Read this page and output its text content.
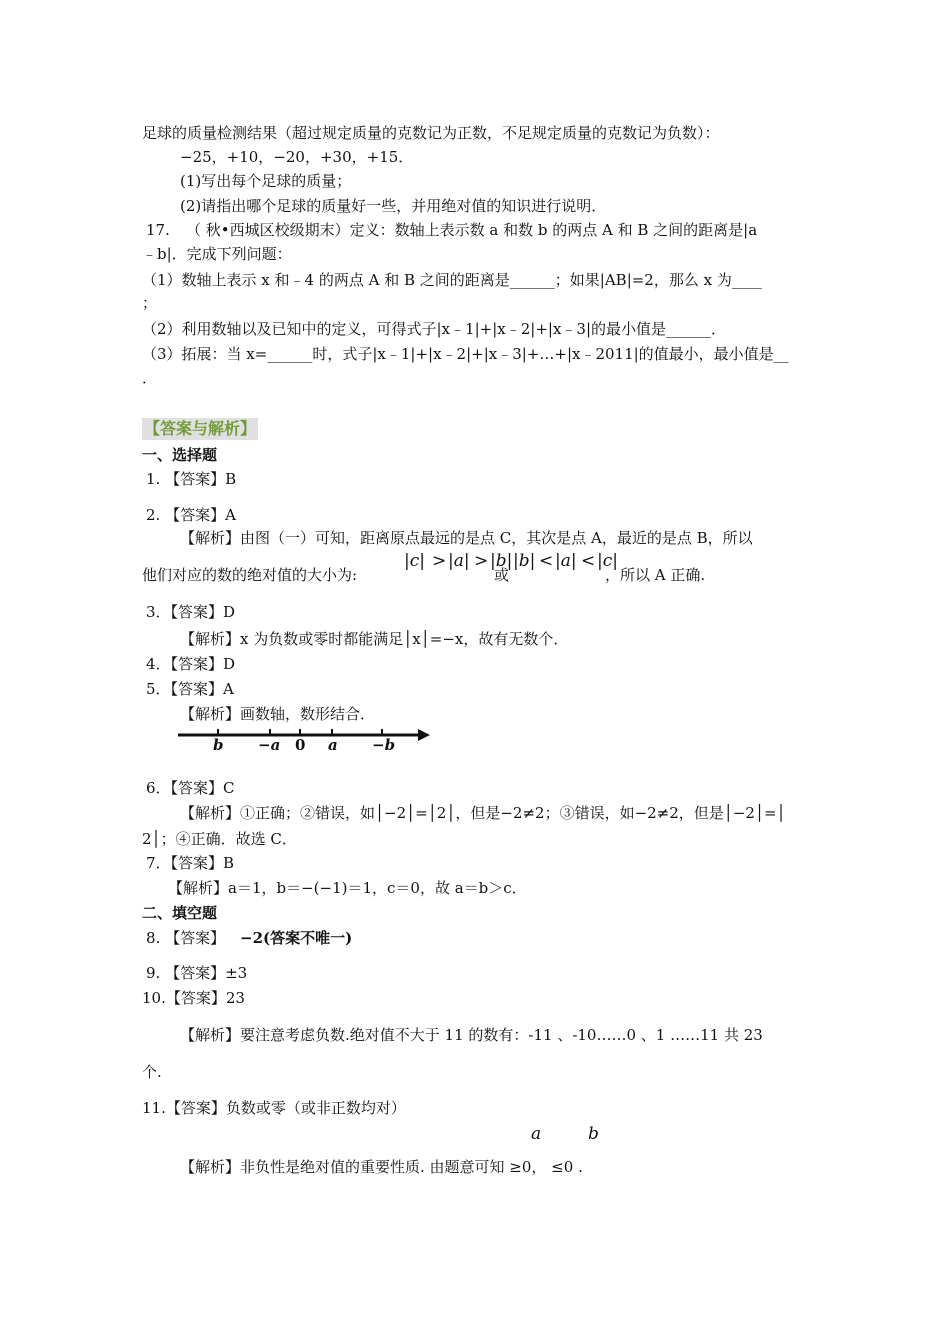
足球的质量检测结果（超过规定质量的克数记为正数，不足规定质量的克数记为负数）：
−25，+10，−20，+30，+15．
(1)写出每个足球的质量；
(2)请指出哪个足球的质量好一些，并用绝对值的知识进行说明．
17. （ 秋•西城区校级期末）定义：数轴上表示数 a 和数 b 的两点 A 和 B 之间的距离是|a
﹣b|．完成下列问题：
（1）数轴上表示 x 和﹣4 的两点 A 和 B 之间的距离是______；如果|AB|=2，那么 x 为____
；
（2）利用数轴以及已知中的定义，可得式子|x﹣1|+|x﹣2|+|x﹣3|的最小值是______．
（3）拓展：当 x=______时，式子|x﹣1|+|x﹣2|+|x﹣3|+…+|x﹣2011|的值最小，最小值是__
．
【答案与解析】
一、选择题
1. 【答案】B
2. 【答案】A
【解析】由图（一）可知，距离原点最远的是点 C，其次是点 A，最近的是点 B，所以
他们对应的数的绝对值的大小为:
|c| > |a| > |b|
或
|b| < |a| < |c|
，所以 A 正确.
3．【答案】D
【解析】x 为负数或零时都能满足│x│=−x，故有无数个．
4．【答案】D
5．【答案】A
【解析】画数轴，数形结合．
b −a 0 a −b
6．【答案】C
【解析】①正确；②错误，如│−2│=│2│，但是−2≠2；③错误，如−2≠2，但是│−2│=│
2│；④正确．故选 C．
7．【答案】B
【解析】a＝1，b＝−(−1)＝1，c＝0，故 a＝b＞c．
二、填空题
8. 【答案】 −2(答案不唯一)
9. 【答案】±3
10.【答案】23
【解析】要注意考虑负数.绝对值不大于 11 的数有：-11 、-10……0 、1 ……11 共 23
个.
11.【答案】负数或零（或非正数均对）
a	b
【解析】非负性是绝对值的重要性质. 由题意可知 ≥0， ≤0 .
